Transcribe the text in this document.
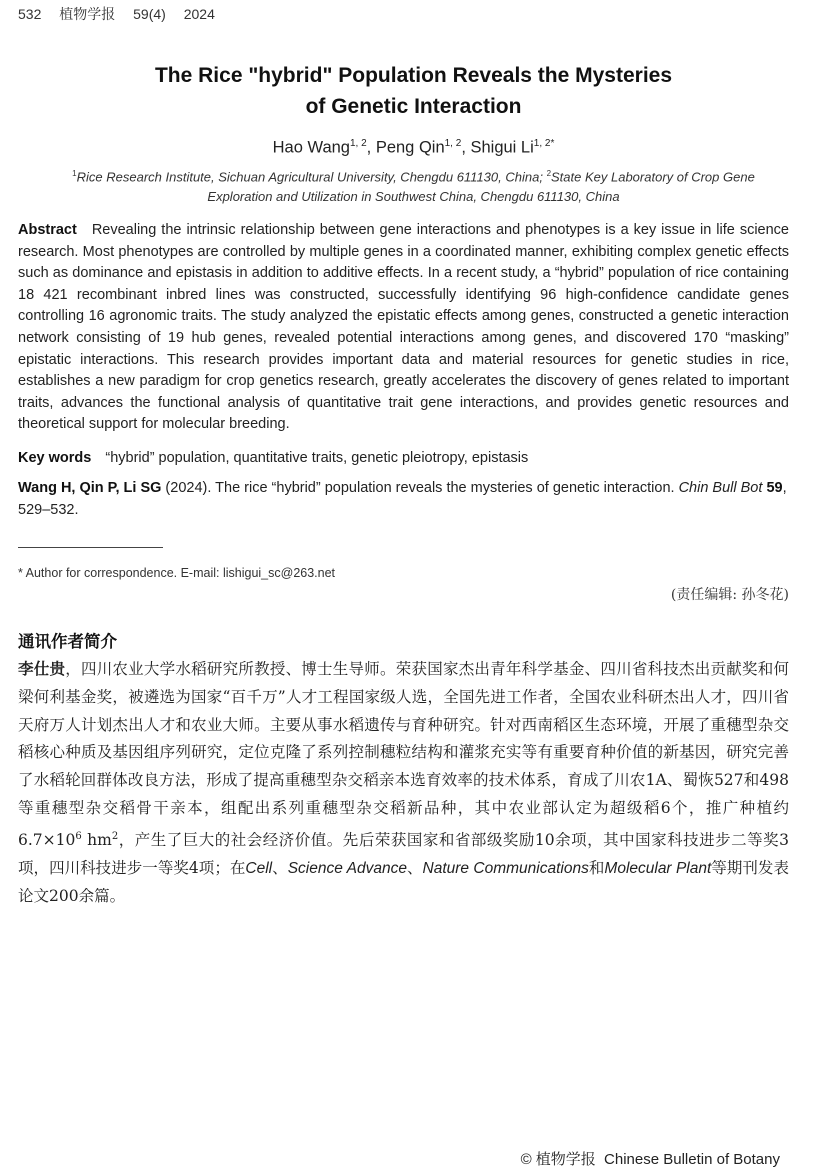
532 植物学报 59(4) 2024
The Rice "hybrid" Population Reveals the Mysteries
of Genetic Interaction
Hao Wang$^{1, 2}$, Peng Qin$^{1, 2}$, Shigui $Li^{1, 2*}$
$^1$Rice Research Institute, Sichuan Agricultural University, Chengdu 611130, China; $^2$State Key Laboratory of Crop Gene Exploration and Utilization in Southwest China, Chengdu 611130, China
Abstract Revealing the intrinsic relationship between gene interactions and phenotypes is a key issue in life science research. Most phenotypes are controlled by multiple genes in a coordinated manner, exhibiting complex genetic effects such as dominance and epistasis in addition to additive effects. In a recent study, a “hybrid” population of rice containing 18 421 recombinant inbred lines was constructed, successfully identifying 96 high-confidence candidate genes controlling 16 agronomic traits. The study analyzed the epistatic effects among genes, constructed a genetic interaction network consisting of 19 hub genes, revealed potential interactions among genes, and discovered 170 “masking” epistatic interactions. This research provides important data and material resources for genetic studies in rice, establishes a new paradigm for crop genetics research, greatly accelerates the discovery of genes related to important traits, advances the functional analysis of quantitative trait gene interactions, and provides genetic resources and theoretical support for molecular breeding.
Key words “hybrid” population, quantitative traits, genetic pleiotropy, epistasis
Wang H, Qin P, Li SG (2024). The rice “hybrid” population reveals the mysteries of genetic interaction. Chin Bull Bot 59, 529–532.
* Author for correspondence. E-mail: lishigui_sc@263.net
(责任编辑: 孙冬花)
通讯作者简介
李仕贵，四川农业大学水稻研究所教授、博士生导师。荣获国家杰出青年科学基金、四川省科技杰出贡献奖和何梁何利基金奖，被遴选为国家“百千万”人才工程国家级人选，全国先进工作者，全国农业科研杰出人才，四川省天府万人计划杰出人才和农业大师。主要从事水稻遗传与育种研究。针对西南稻区生态环境，开展了重穗型杂交稻核心种质及基因组序列研究，定位克隆了系列控制穗粒结构和灌浆充实等有重要育种价值的新基因，研究完善了水稻轮回群体改良方法，形成了提高重穗型杂交稻亲本选育效率的技术体系，育成了川农1A、蜀恢527和498等重穗型杂交稻骨干亲本，组配出系列重穗型杂交稻新品种，其中农业部认定为超级稻6个，推广种植约$6.7\times 10^6$ $hm^2$，产生了巨大的社会经济价值。先后荣获国家和省部级奖励10余项，其中国家科技进步二等奖3项，四川科技进步一等奖4项；在Cell、Science Advance、Nature Communications和Molecular Plant等期刊发表论文200余篇。
© 植物学报 Chinese Bulletin of Botany
